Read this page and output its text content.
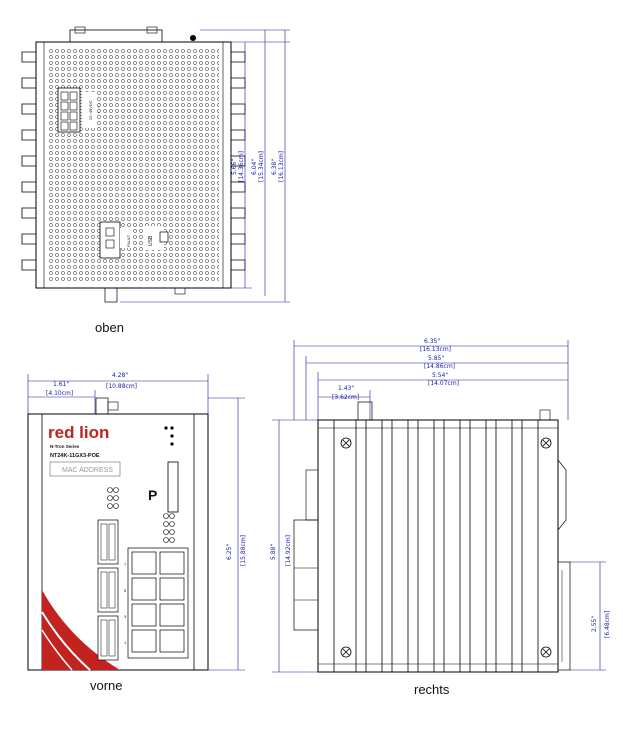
22~49VDC + - + -
FAULT	USB
5.66" [14.36cm] 6.04" [15.34cm] 6.38" [16.13cm]
4.28"
[10.88cm]
1.61"
[4.10cm]
6.25" [15.88cm]
red lion
N-Tron Series
NT24K-11GX3-POE
MAC ADDRESS
P
7
5
3
1
6.35"
[16.13cm]
5.85"
[14.86cm]
5.54"
[14.07cm]
1.43"
[3.62cm]
5.88" [14.92cm]
2.55" [6.48cm]
oben
vorne	rechts
